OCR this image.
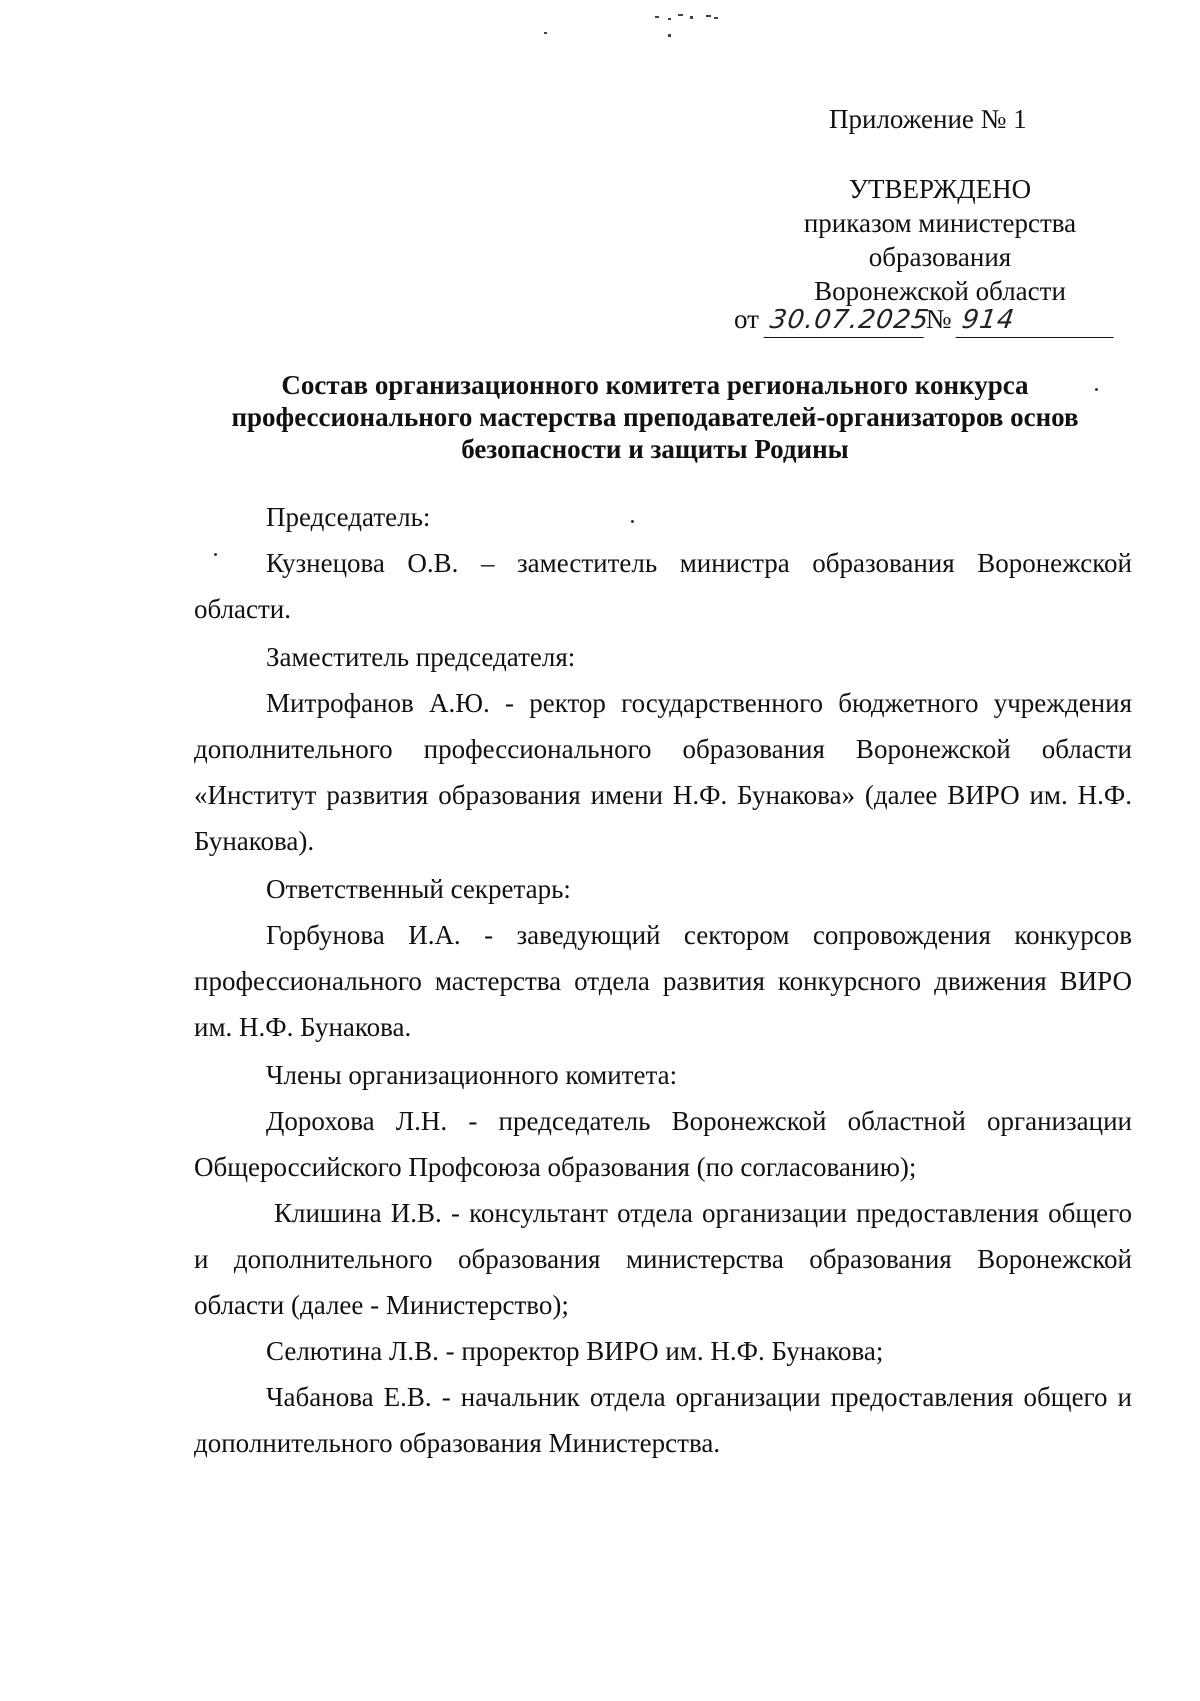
Приложение № 1
УТВЕРЖДЕНО
приказом министерства
образования
Воронежской области
от 30.07.2025№ 914
Состав организационного комитета регионального конкурса
профессионального мастерства преподавателей-организаторов основ
безопасности и защиты Родины

Председатель:

Кузнецова О.В. – заместитель министра образования Воронежской области.

Заместитель председателя:

Митрофанов А.Ю. - ректор государственного бюджетного учреждения дополнительного профессионального образования Воронежской области «Институт развития образования имени Н.Ф. Бунакова» (далее ВИРО им. Н.Ф. Бунакова).

Ответственный секретарь:

Горбунова И.А. - заведующий сектором сопровождения конкурсов профессионального мастерства отдела развития конкурсного движения ВИРО им. Н.Ф. Бунакова.

Члены организационного комитета:

Дорохова Л.Н. - председатель Воронежской областной организации Общероссийского Профсоюза образования (по согласованию);

Клишина И.В. - консультант отдела организации предоставления общего и дополнительного образования министерства образования Воронежской области (далее - Министерство);

Селютина Л.В. - проректор ВИРО им. Н.Ф. Бунакова;

Чабанова Е.В. - начальник отдела организации предоставления общего и дополнительного образования Министерства.
